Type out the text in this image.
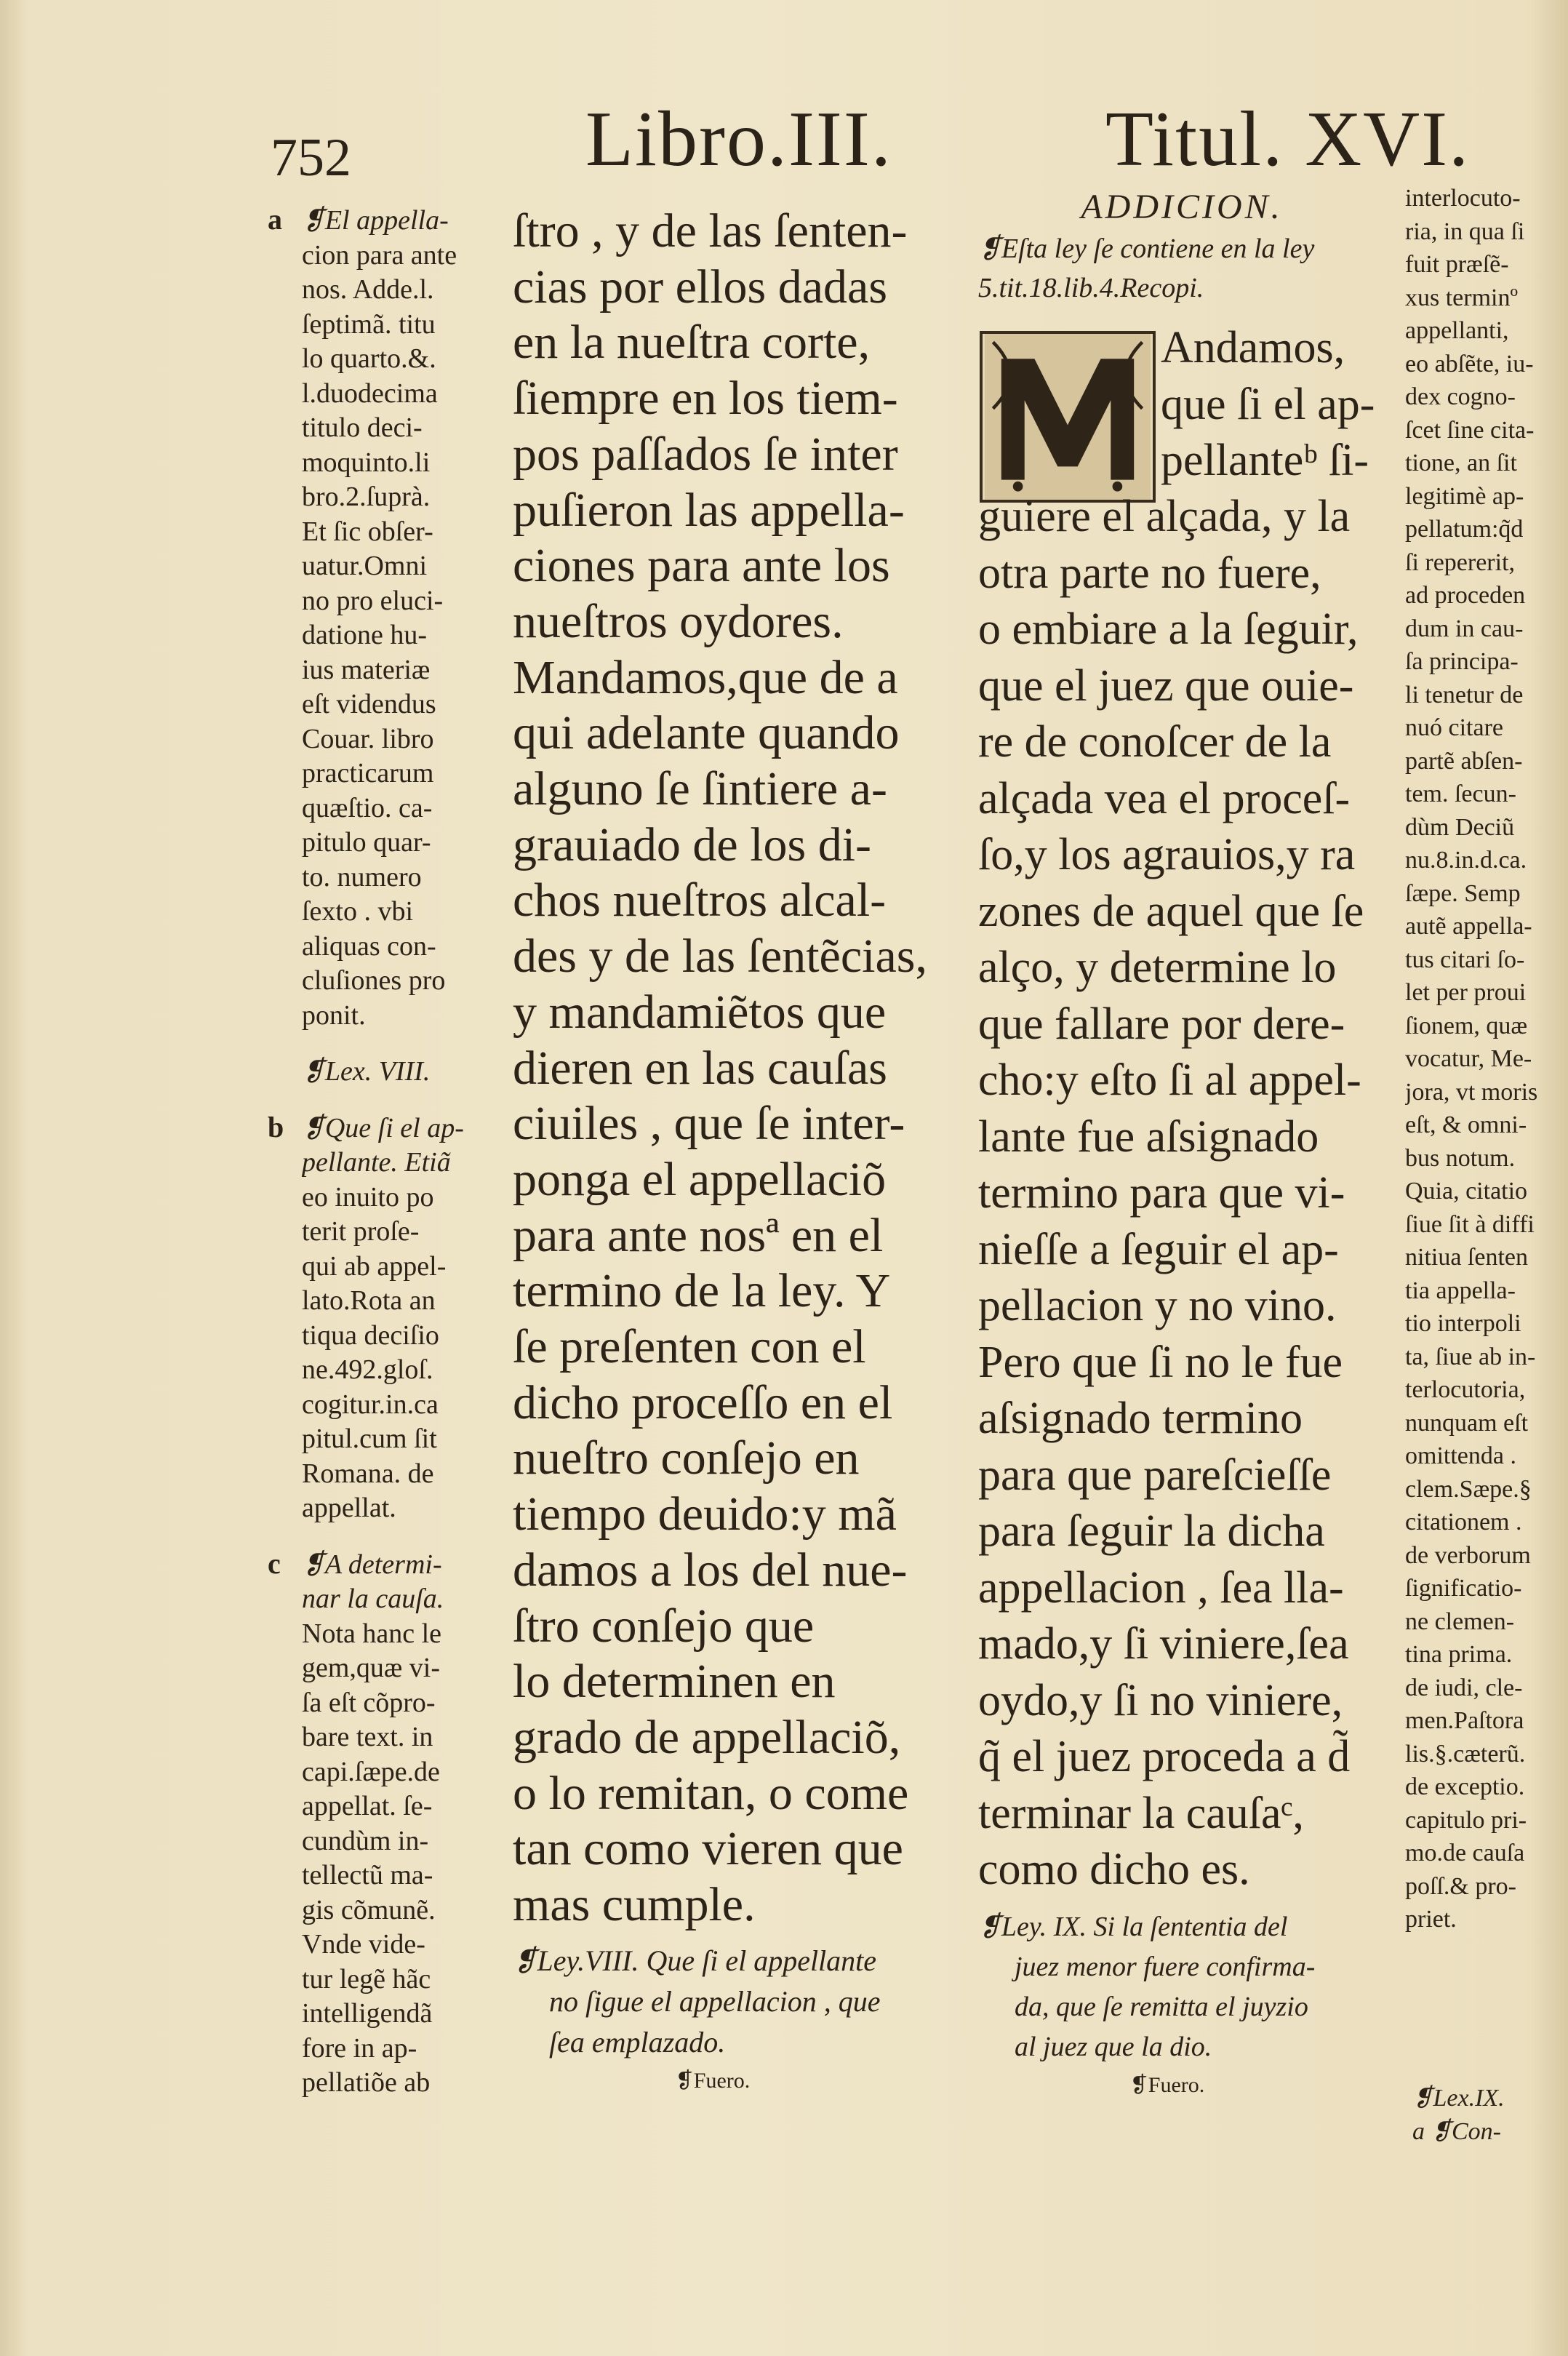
752	Libro.III.	Titul. XVI.
❡El appella-
cion para ante
nos. Adde.l.
ſeptimã. titu
lo quarto.&.
l.duodecima
titulo deci-
moquinto.li
bro.2.ſuprà.
Et ſic obſer-
uatur.Omni
no pro eluci-
datione hu-
ius materiæ
eſt videndus
Couar. libro
practicarum
quæſtio. ca-
pitulo quar-
to. numero
ſexto . vbi
aliquas con-
cluſiones pro
ponit.
❡Lex. VIII.
❡Que ſi el ap-
pellante. Etiã
eo inuito po
terit proſe-
qui ab appel-
lato.Rota an
tiqua deciſio
ne.492.gloſ.
cogitur.in.ca
pitul.cum ſit
Romana. de
appellat.
❡A determi-
nar la cauſa.
Nota hanc le
gem,quæ vi-
ſa eſt cõpro-
bare text. in
capi.ſæpe.de
appellat. ſe-
cundùm in-
tellectũ ma-
gis cõmunẽ.
Vnde vide-
tur legẽ hãc
intelligendã
fore in ap-
pellatiõe ab
a
b
c
ſtro , y de las ſenten-
cias por ellos dadas
en la nueſtra corte,
ſiempre en los tiem-
pos paſſados ſe inter
puſieron las appella-
ciones para ante los
nueſtros oydores.
Mandamos,que de a
qui adelante quando
alguno ſe ſintiere a-
grauiado de los di-
chos nueſtros alcal-
des y de las ſentẽcias,
y mandamiẽtos que
dieren en las cauſas
ciuiles , que ſe inter-
ponga el appellaciõ
para ante nosª en el
termino de la ley. Y
ſe preſenten con el
dicho proceſſo en el
nueſtro conſejo en
tiempo deuido:y mã
damos a los del nue-
ſtro conſejo que
lo determinen en
grado de appellaciõ,
o lo remitan, o come
tan como vieren que
mas cumple.
❡Ley.VIII. Que ſi el appellante
no ſigue el appellacion , que
ſea emplazado.
❡Fuero.
ADDICION.
❡Eſta ley ſe contiene en la ley
5.tit.18.lib.4.Recopi.
Andamos,
que ſi el ap-
pellanteᵇ ſi-
guiere el alçada, y la
otra parte no fuere,
o embiare a la ſeguir,
que el juez que ouie-
re de conoſcer de la
alçada vea el proceſ-
ſo,y los agrauios,y ra
zones de aquel que ſe
alço, y determine lo
que fallare por dere-
cho:y eſto ſi al appel-
lante fue aſsignado
termino para que vi-
nieſſe a ſeguir el ap-
pellacion y no vino.
Pero que ſi no le fue
aſsignado termino
para que pareſcieſſe
para ſeguir la dicha
appellacion , ſea lla-
mado,y ſi viniere,ſea
oydo,y ſi no viniere,
q̃ el juez proceda a d̃
terminar la cauſaᶜ,
como dicho es.
❡Ley. IX. Si la ſententia del
juez menor fuere confirma-
da, que ſe remitta el juyzio
al juez que la dio.
❡Fuero.
interlocuto-
ria, in qua ſi
fuit præſẽ-
xus terminº
appellanti,
eo abſẽte, iu-
dex cogno-
ſcet ſine cita-
tione, an ſit
legitimè ap-
pellatum:q̃d
ſi repererit,
ad proceden
dum in cau-
ſa principa-
li tenetur de
nuó citare
partẽ abſen-
tem. ſecun-
dùm Deciũ
nu.8.in.d.ca.
ſæpe. Semp
autẽ appella-
tus citari ſo-
let per proui
ſionem, quæ
vocatur, Me-
jora, vt moris
eſt, & omni-
bus notum.
Quia, citatio
ſiue ſit à diffi
nitiua ſenten
tia appella-
tio interpoli
ta, ſiue ab in-
terlocutoria,
nunquam eſt
omittenda .
clem.Sæpe.§
citationem .
de verborum
ſignificatio-
ne clemen-
tina prima.
de iudi, cle-
men.Paſtora
lis.§.cæterũ.
de exceptio.
capitulo pri-
mo.de cauſa
poſſ.& pro-
priet.
❡Lex.IX.
a ❡Con-
